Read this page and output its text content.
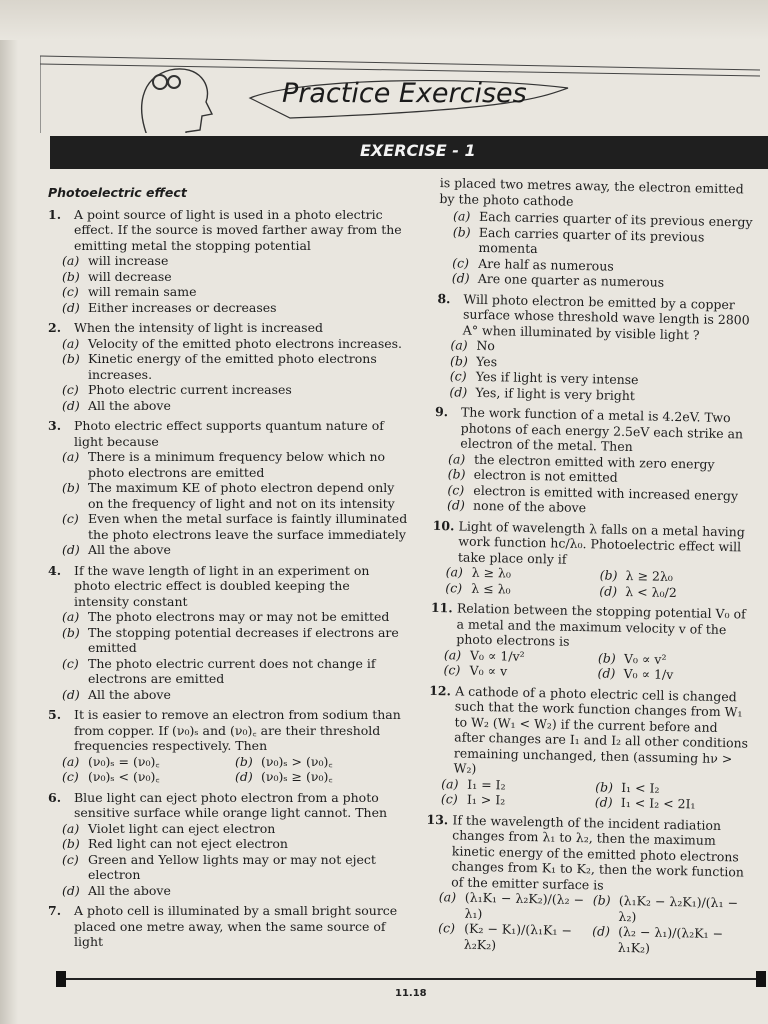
Practice Exercises
EXERCISE - 1
Photoelectric effect
1.	A point source of light is used in a photo electric effect. If the source is moved farther away from the emitting metal the stopping potential
(a) will increase
(b) will decrease
(c) will remain same
(d) Either increases or decreases
2.	When the intensity of light is increased
(a) Velocity of the emitted photo electrons increases.
(b) Kinetic energy of the emitted photo electrons increases.
(c) Photo electric current increases
(d) All the above
3.	Photo electric effect supports quantum nature of light because
(a) There is a minimum frequency below which no photo electrons are emitted
(b) The maximum KE of photo electron depend only on the frequency of light and not on its intensity
(c) Even when the metal surface is faintly illuminated the photo electrons leave the surface immediately
(d) All the above
4.	If the wave length of light in an experiment on photo electric effect is doubled keeping the intensity constant
(a) The photo electrons may or may not be emitted
(b) The stopping potential decreases if electrons are emitted
(c) The photo electric current does not change if electrons are emitted
(d) All the above
5.	It is easier to remove an electron from sodium than from copper. If (ν₀)ₛ and (ν₀)꜀ are their threshold frequencies respectively. Then
(a) (ν₀)ₛ = (ν₀)꜀	(b) (ν₀)ₛ > (ν₀)꜀
(c) (ν₀)ₛ < (ν₀)꜀	(d) (ν₀)ₛ ≥ (ν₀)꜀
6.	Blue light can eject photo electron from a photo sensitive surface while orange light cannot. Then
(a) Violet light can eject electron
(b) Red light can not eject electron
(c) Green and Yellow lights may or may not eject electron
(d) All the above
7.	A photo cell is illuminated by a small bright source placed one metre away, when the same source of light
is placed two metres away, the electron emitted by the photo cathode
(a) Each carries quarter of its previous energy
(b) Each carries quarter of its previous momenta
(c) Are half as numerous
(d) Are one quarter as numerous
8.	Will photo electron be emitted by a copper surface whose threshold wave length is 2800 A° when illuminated by visible light ?
(a) No
(b) Yes
(c) Yes if light is very intense
(d) Yes, if light is very bright
9.	The work function of a metal is 4.2eV. Two photons of each energy 2.5eV each strike an electron of the metal. Then
(a) the electron emitted with zero energy
(b) electron is not emitted
(c) electron is emitted with increased energy
(d) none of the above
10. Light of wavelength λ falls on a metal having work function hc/λ₀. Photoelectric effect will take place only if
(a) λ ≥ λ₀	(b) λ ≥ 2λ₀
(c) λ ≤ λ₀	(d) λ < λ₀/2
11. Relation between the stopping potential V₀ of a metal and the maximum velocity v of the photo electrons is
(a) V₀ ∝ 1/v²	(b) V₀ ∝ v²
(c) V₀ ∝ v	(d) V₀ ∝ 1/v
12. A cathode of a photo electric cell is changed such that the work function changes from W₁ to W₂ (W₁ < W₂) if the current before and after changes are I₁ and I₂ all other conditions remaining unchanged, then (assuming hν > W₂)
(a) I₁ = I₂	(b) I₁ < I₂
(c) I₁ > I₂	(d) I₁ < I₂ < 2I₁
13. If the wavelength of the incident radiation changes from λ₁ to λ₂, then the maximum kinetic energy of the emitted photo electrons changes from K₁ to K₂, then the work function of the emitter surface is
(a) (λ₁K₁ − λ₂K₂)/(λ₂ − λ₁)
(b) (λ₁K₂ − λ₂K₁)/(λ₁ − λ₂)
(c) (K₂ − K₁)/(λ₁K₁ − λ₂K₂)
(d) (λ₂ − λ₁)/(λ₂K₁ − λ₁K₂)
11.18
